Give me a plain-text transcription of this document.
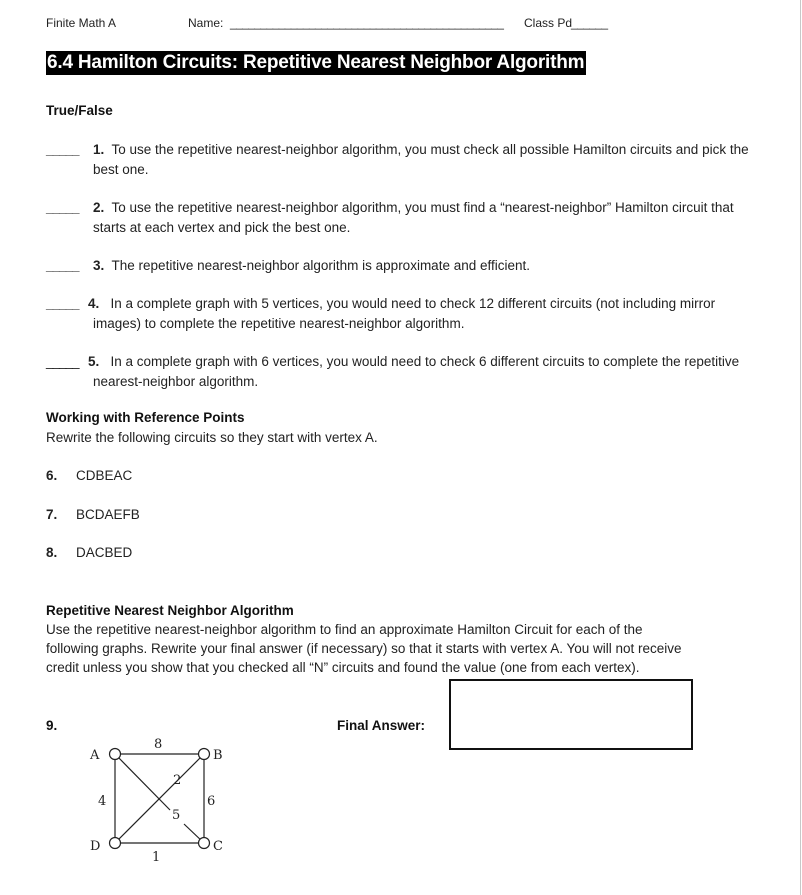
Finite Math A	Name: _____________________________________________ Class Pd
______
6.4 Hamilton Circuits: Repetitive Nearest Neighbor Algorithm
True/False
_____	1. To use the repetitive nearest-neighbor algorithm, you must check all possible Hamilton circuits and pick the best one.
_____	2. To use the repetitive nearest-neighbor algorithm, you must find a “nearest-neighbor” Hamilton circuit that starts at each vertex and pick the best one.
_____	3. The repetitive nearest-neighbor algorithm is approximate and efficient.
_____ 4. In a complete graph with 5 vertices, you would need to check 12 different circuits (not including mirror images) to complete the repetitive nearest-neighbor algorithm.
_____ 5. In a complete graph with 6 vertices, you would need to check 6 different circuits to complete the repetitive nearest-neighbor algorithm.
Working with Reference Points
Rewrite the following circuits so they start with vertex A.
6. CDBEAC
7. BCDAEFB
8. DACBED
Repetitive Nearest Neighbor Algorithm
Use the repetitive nearest-neighbor algorithm to find an approximate Hamilton Circuit for each of the
following graphs. Rewrite your final answer (if necessary) so that it starts with vertex A. You will not receive
credit unless you show that you checked all “N” circuits and found the value (one from each vertex).
9.	Final Answer:
A	B
C
D
8
2
4
5
6
1
